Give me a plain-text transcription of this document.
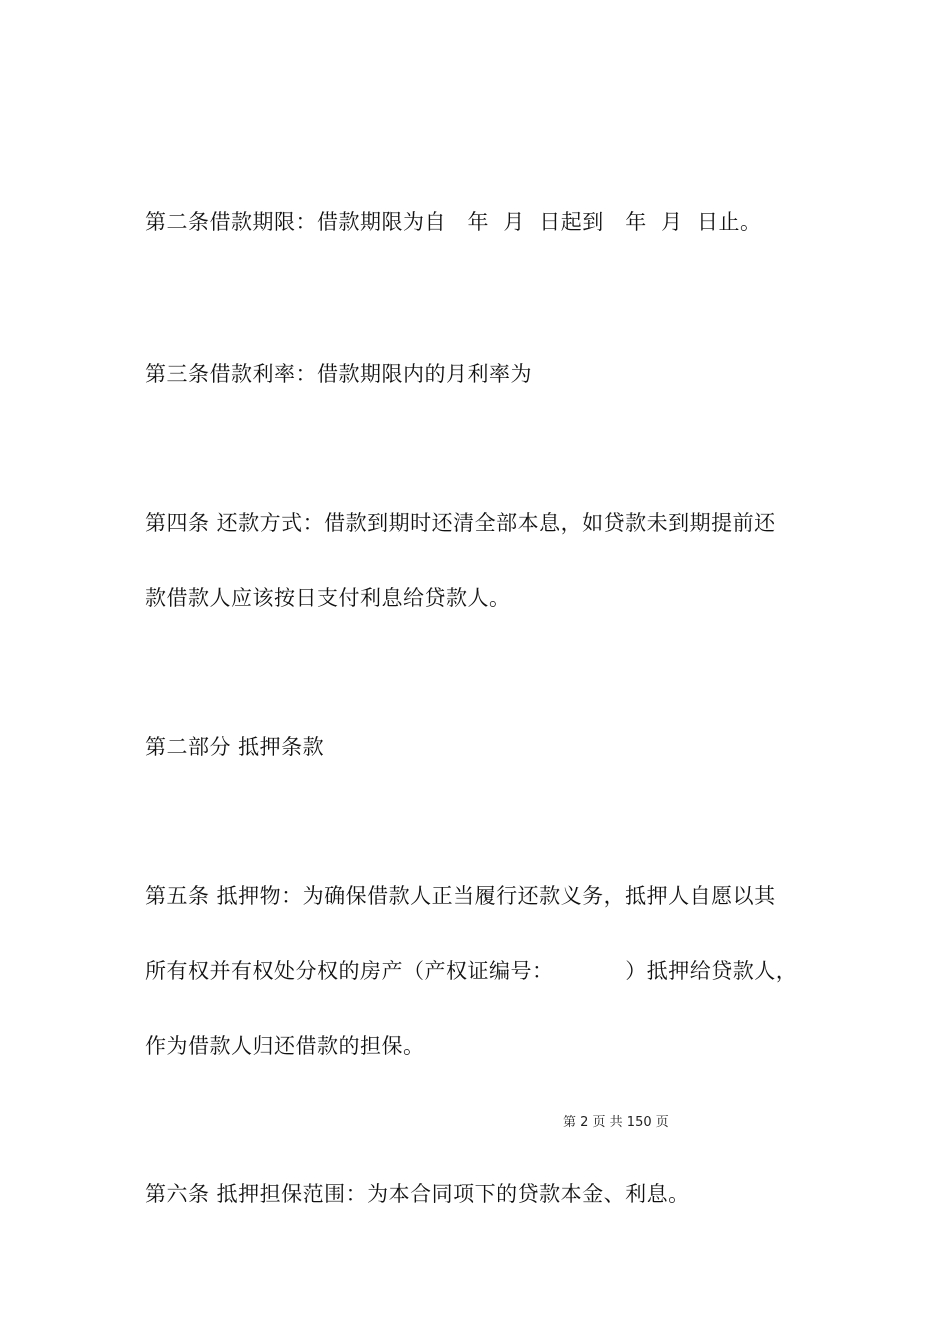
第二条借款期限：借款期限为自   年  月  日起到   年  月  日止。

第三条借款利率：借款期限内的月利率为

第四条 还款方式：借款到期时还清全部本息，如贷款未到期提前还

款借款人应该按日支付利息给贷款人。

第二部分 抵押条款

第五条 抵押物：为确保借款人正当履行还款义务，抵押人自愿以其

所有权并有权处分权的房产（产权证编号：          ）抵押给贷款人，

作为借款人归还借款的担保。

第 2 页 共 150 页

第六条 抵押担保范围：为本合同项下的贷款本金、利息。
